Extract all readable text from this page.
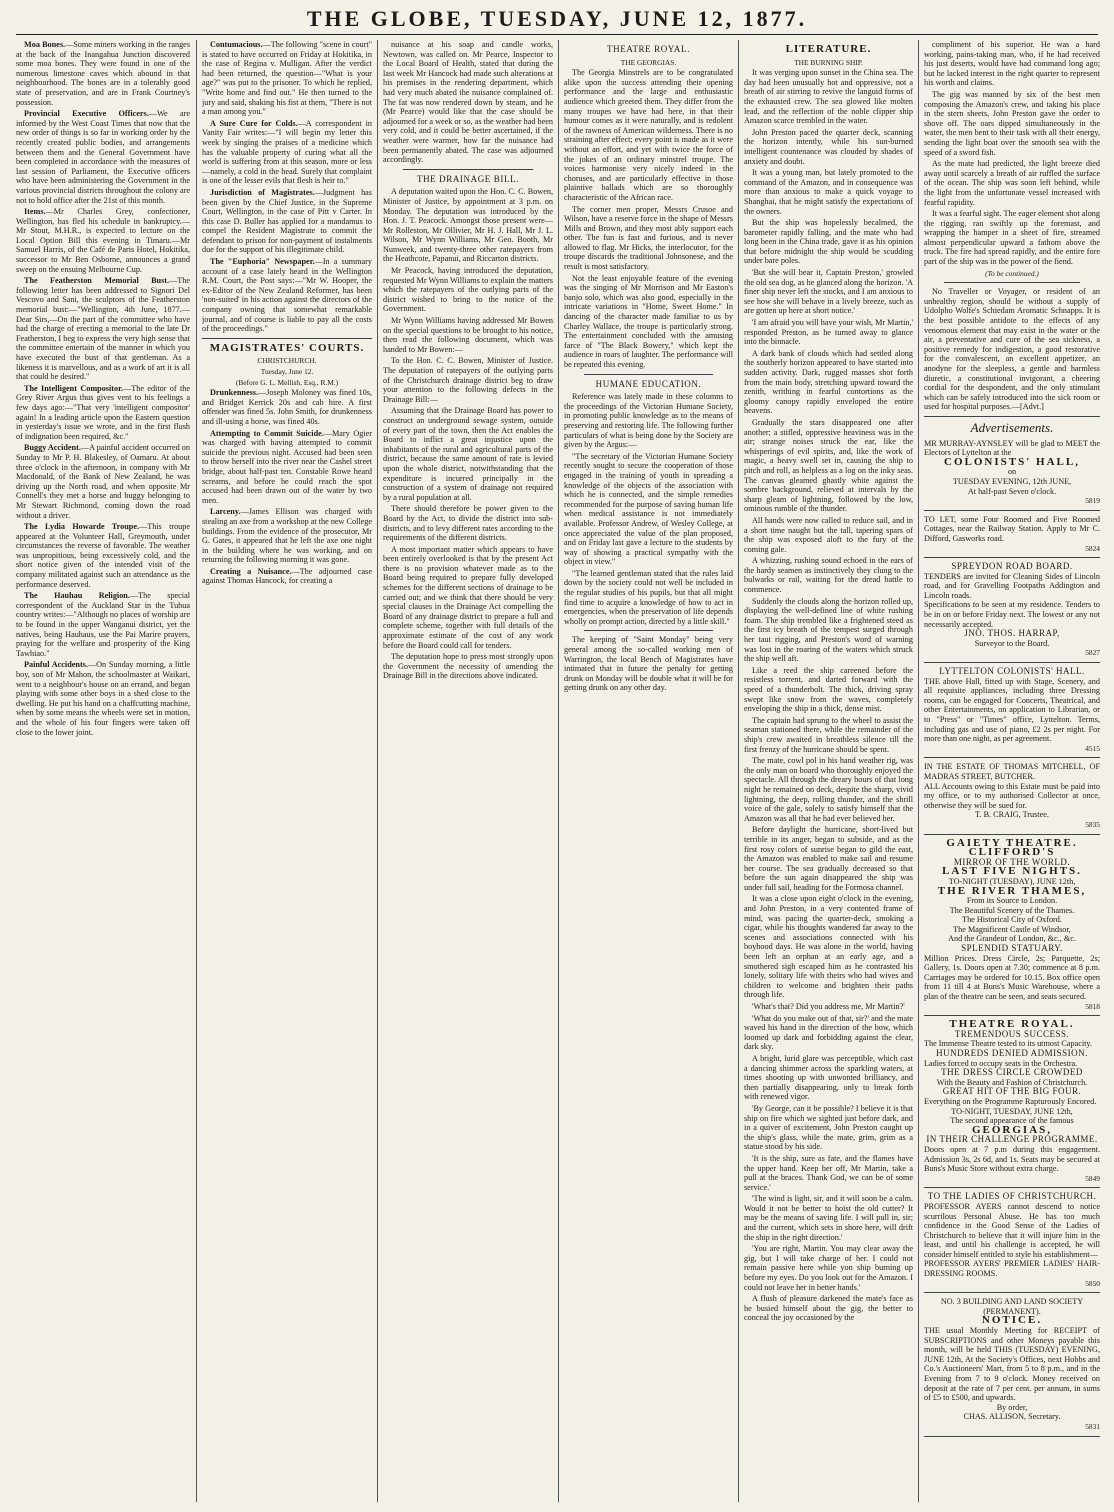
THE GLOBE, TUESDAY, JUNE 12, 1877.

Moa Bones.—Some miners working in the ranges at the back of the Inangahua Junction discovered some moa bones. They were found in one of the numerous limestone caves which abound in that neighbourhood. The bones are in a tolerably good state of preservation, and are in Frank Courtney's possession.

Provincial Executive Officers.—We are informed by the West Coast Times that now that the new order of things is so far in working order by the recently created public bodies, and arrangements between them and the General Government have been completed in accordance with the measures of last session of Parliament, the Executive officers who have been administering the Government in the various provincial districts throughout the colony are not to hold office after the 21st of this month.

Items.—Mr Charles Grey, confectioner, Wellington, has fled his schedule in bankruptcy.—Mr Stout, M.H.R., is expected to lecture on the Local Option Bill this evening in Timaru.—Mr Samuel Harris, of the Café de Paris Hotel, Hokitika, successor to Mr Ben Osborne, announces a grand sweep on the ensuing Melbourne Cup.

The Featherston Memorial Bust.—The following letter has been addressed to Signori Del Vescovo and Sani, the sculptors of the Featherston memorial bust:—"Wellington, 4th June, 1877.—Dear Sirs,—On the part of the committee who have had the charge of erecting a memorial to the late Dr Featherston, I beg to express the very high sense that the committee entertain of the manner in which you have executed the bust of that gentleman. As a likeness it is marvellous, and as a work of art it is all that could be desired."

The Intelligent Compositor.—The editor of the Grey River Argus thus gives vent to his feelings a few days ago:—"That very 'intelligent compositor' again! In a leading article upon the Eastern question in yesterday's issue we wrote, and in the first flush of indignation been required, &c."

Buggy Accident.—A painful accident occurred on Sunday to Mr P. H. Blakesley, of Oamaru. At about three o'clock in the afternoon, in company with Mr Macdonald, of the Bank of New Zealand, he was driving up the North road, and when opposite Mr Connell's they met a horse and buggy belonging to Mr Stewart Richmond, coming down the road without a driver.

The Lydia Howarde Troupe.—This troupe appeared at the Volunteer Hall, Greymouth, under circumstances the reverse of favorable. The weather was unpropitious, being excessively cold, and the short notice given of the intended visit of the company militated against such an attendance as the performance deserved.

The Hauhau Religion.—The special correspondent of the Auckland Star in the Tuhua country writes:—"Although no places of worship are to be found in the upper Wanganui district, yet the natives, being Hauhaus, use the Pai Marire prayers, praying for the welfare and prosperity of the King Tawhiao."

Painful Accidents.—On Sunday morning, a little boy, son of Mr Mahon, the schoolmaster at Waikari, went to a neighbour's house on an errand, and began playing with some other boys in a shed close to the dwelling. He put his hand on a chaffcutting machine, when by some means the wheels were set in motion, and the whole of his four fingers were taken off close to the lower joint.

Contumacious.—The following "scene in court" is stated to have occurred on Friday at Hokitika, in the case of Regina v. Mulligan. After the verdict had been returned, the question—"What is your age?" was put to the prisoner. To which he replied, "Write home and find out." He then turned to the jury and said, shaking his fist at them, "There is not a man among you."

A Sure Cure for Colds.—A correspondent in Vanity Fair writes:—"I will begin my letter this week by singing the praises of a medicine which has the valuable property of curing what all the world is suffering from at this season, more or less—namely, a cold in the head. Surely that complaint is one of the lesser evils that flesh is heir to."

Jurisdiction of Magistrates.—Judgment has been given by the Chief Justice, in the Supreme Court, Wellington, in the case of Pitt v Carter. In this case D. Buller has applied for a mandamus to compel the Resident Magistrate to commit the defendant to prison for non-payment of instalments due for the support of his illegitimate child.

The "Euphoria" Newspaper.—In a summary account of a case lately heard in the Wellington R.M. Court, the Post says:—"Mr W. Hooper, the ex-Editor of the New Zealand Reformer, has been 'non-suited' in his action against the directors of the company owning that somewhat remarkable journal, and of course is liable to pay all the costs of the proceedings."

MAGISTRATES' COURTS.
CHRISTCHURCH.
Tuesday, June 12.
(Before G. L. Mellish, Esq., R.M.)

Drunkenness.—Joseph Moloney was fined 10s, and Bridget Kerrick 20s and cab hire. A first offender was fined 5s. John Smith, for drunkenness and ill-using a horse, was fined 40s.

Attempting to Commit Suicide.—Mary Ogier was charged with having attempted to commit suicide the previous night. Accused had been seen to throw herself into the river near the Cashel street bridge, about half-past ten. Constable Rowe heard screams, and before he could reach the spot accused had been drawn out of the water by two men.

Larceny.—James Ellison was charged with stealing an axe from a workshop at the new College buildings. From the evidence of the prosecutor, Mr G. Gates, it appeared that he left the axe one night in the building where he was working, and on returning the following morning it was gone.

Creating a Nuisance.—The adjourned case against Thomas Hancock, for creating a

nuisance at his soap and candle works, Newtown, was called on. Mr Pearce, Inspector to the Local Board of Health, stated that during the last week Mr Hancock had made such alterations at his premises in the rendering department, which had very much abated the nuisance complained of. The fat was now rendered down by steam, and he (Mr Pearce) would like that the case should be adjourned for a week or so, as the weather had been very cold, and it could be better ascertained, if the weather were warmer, how far the nuisance had been permanently abated. The case was adjourned accordingly.

THE DRAINAGE BILL.

A deputation waited upon the Hon. C. C. Bowen, Minister of Justice, by appointment at 3 p.m. on Monday. The deputation was introduced by the Hon. J. T. Peacock. Amongst those present were—Mr Rolleston, Mr Ollivier, Mr H. J. Hall, Mr J. L. Wilson, Mr Wynn Williams, Mr Geo. Booth, Mr Nunweek, and twenty-three other ratepayers from the Heathcote, Papanui, and Riccarton districts.

Mr Peacock, having introduced the deputation, requested Mr Wynn Williams to explain the matters which the ratepayers of the outlying parts of the district wished to bring to the notice of the Government.

Mr Wynn Williams having addressed Mr Bowen on the special questions to be brought to his notice, then read the following document, which was handed to Mr Bowen:—

To the Hon. C. C. Bowen, Minister of Justice. The deputation of ratepayers of the outlying parts of the Christchurch drainage district beg to draw your attention to the following defects in the Drainage Bill:—

Assuming that the Drainage Board has power to construct an underground sewage system, outside of every part of the town, then the Act enables the Board to inflict a great injustice upon the inhabitants of the rural and agricultural parts of the district, because the same amount of rate is levied upon the whole district, notwithstanding that the expenditure is incurred principally in the construction of a system of drainage not required by a rural population at all.

There should therefore be power given to the Board by the Act, to divide the district into sub-districts, and to levy different rates according to the requirements of the different districts.

A most important matter which appears to have been entirely overlooked is that by the present Act there is no provision whatever made as to the Board being required to prepare fully developed schemes for the different sections of drainage to be carried out; and we think that there should be very special clauses in the Drainage Act compelling the Board of any drainage district to prepare a full and complete scheme, together with full details of the approximate estimate of the cost of any work before the Board could call for tenders.

The deputation hope to press most strongly upon the Government the necessity of amending the Drainage Bill in the directions above indicated.

THEATRE ROYAL.
THE GEORGIAS.

The Georgia Minstrels are to be congratulated alike upon the success attending their opening performance and the large and enthusiastic audience which greeted them. They differ from the many troupes we have had here, in that their humour comes as it were naturally, and is redolent of the rawness of American wilderness. There is no straining after effect; every point is made as it were without an effort, and yet with twice the force of the jokes of an ordinary minstrel troupe. The voices harmonise very nicely indeed in the choruses, and are particularly effective in those plaintive ballads which are so thoroughly characteristic of the African race.

The corner men proper, Messrs Crusoe and Wilson, have a reserve force in the shape of Messrs Mills and Brown, and they most ably support each other. The fun is fast and furious, and is never allowed to flag. Mr Hicks, the interlocutor, for the troupe discards the traditional Johnsonese, and the result is most satisfactory.

Not the least enjoyable feature of the evening was the singing of Mr Morrison and Mr Easton's banjo solo, which was also good, especially in the intricate variations in "Home, Sweet Home." In dancing of the character made familiar to us by Charley Wallace, the troupe is particularly strong. The entertainment concluded with the amusing farce of "The Black Bowery," which kept the audience in roars of laughter. The performance will be repeated this evening.

HUMANE EDUCATION.

Reference was lately made in these columns to the proceedings of the Victorian Humane Society, in promoting public knowledge as to the means of preserving and restoring life. The following further particulars of what is being done by the Society are given by the Argus:—

"The secretary of the Victorian Humane Society recently sought to secure the cooperation of those engaged in the training of youth in spreading a knowledge of the objects of the association with which he is connected, and the simple remedies recommended for the purpose of saving human life when medical assistance is not immediately available. Professor Andrew, of Wesley College, at once appreciated the value of the plan proposed, and on Friday last gave a lecture to the students by way of showing a practical sympathy with the object in view."

"The learned gentleman stated that the rules laid down by the society could not well be included in the regular studies of his pupils, but that all might find time to acquire a knowledge of how to act in emergencies, when the preservation of life depends wholly on prompt action, directed by a little skill."

The keeping of "Saint Monday" being very general among the so-called working men of Warrington, the local Bench of Magistrates have intimated that in future the penalty for getting drunk on Monday will be double what it will be for getting drunk on any other day.

LITERATURE.
THE BURNING SHIP.

It was verging upon sunset in the China sea. The day had been unusually hot and oppressive, not a breath of air stirring to revive the languid forms of the exhausted crew. The sea glowed like molten lead, and the reflection of the noble clipper ship Amazon scarce trembled in the water.

John Preston paced the quarter deck, scanning the horizon intently, while his sun-burned intelligent countenance was clouded by shades of anxiety and doubt.

It was a young man, but lately promoted to the command of the Amazon, and in consequence was more than anxious to make a quick voyage to Shanghai, that he might satisfy the expectations of the owners.

But the ship was hopelessly becalmed, the barometer rapidly falling, and the mate who had long been in the China trade, gave it as his opinion that before midnight the ship would be scudding under bare poles.

'But she will bear it, Captain Preston,' growled the old sea dog, as he glanced along the horizon. 'A finer ship never left the stocks, and I am anxious to see how she will behave in a lively breeze, such as are gotten up here at short notice.'

'I am afraid you will have your wish, Mr Martin,' responded Preston, as he turned away to glance into the binnacle.

A dark bank of clouds which had settled along the southerly horizon appeared to have started into sudden activity. Dark, rugged masses shot forth from the main body, stretching upward toward the zenith, writhing in fearful contortions as the gloomy canopy rapidly enveloped the entire heavens.

Gradually the stars disappeared one after another; a stifled, oppressive heaviness was in the air; strange noises struck the ear, like the whisperings of evil spirits, and, like the work of magic, a heavy swell set in, causing the ship to pitch and roll, as helpless as a log on the inky seas. The canvas gleamed ghastly white against the sombre background, relieved at intervals by the sharp gleam of lightning, followed by the low, ominous rumble of the thunder.

All hands were now called to reduce sail, and in a short time naught but the tall, tapering spars of the ship was exposed aloft to the fury of the coming gale.

A whizzing, rushing sound echoed in the ears of the hardy seamen as instinctively they clung to the bulwarks or rail, waiting for the dread battle to commence.

Suddenly the clouds along the horizon rolled up, displaying the well-defined line of white rushing foam. The ship trembled like a frightened steed as the first icy breath of the tempest surged through her taut rigging, and Preston's word of warning was lost in the roaring of the waters which struck the ship well aft.

Like a reed the ship careened before the resistless torrent, and darted forward with the speed of a thunderbolt. The thick, driving spray swept like snow from the waves, completely enveloping the ship in a thick, dense mist.

The captain had sprung to the wheel to assist the seaman stationed there, while the remainder of the ship's crew awaited in breathless silence till the first frenzy of the hurricane should be spent.

The mate, cowl pol in his hand weather rig, was the only man on board who thoroughly enjoyed the spectacle. All through the dreary hours of that long night he remained on deck, despite the sharp, vivid lightning, the deep, rolling thunder, and the shrill voice of the gale, solely to satisfy himself that the Amazon was all that he had ever believed her.

Before daylight the hurricane, short-lived but terrible in its anger, began to subside, and as the first rosy colors of sunrise began to gild the east, the Amazon was enabled to make sail and resume her course. The sea gradually decreased so that before the sun again disappeared the ship was under full sail, heading for the Formosa channel.

It was a close upon eight o'clock in the evening, and John Preston, in a very contented frame of mind, was pacing the quarter-deck, smoking a cigar, while his thoughts wandered far away to the scenes and associations connected with his boyhood days. He was alone in the world, having been left an orphan at an early age, and a smothered sigh escaped him as he contrasted his lonely, solitary life with theirs who had wives and children to welcome and brighten their paths through life.

'What's that? Did you address me, Mr Martin?'

'What do you make out of that, sir?' and the mate waved his hand in the direction of the bow, which loomed up dark and forbidding against the clear, dark sky.

A bright, lurid glare was perceptible, which cast a dancing shimmer across the sparkling waters, at times shooting up with unwonted brilliancy, and then partially disappearing, only to break forth with renewed vigor.

'By George, can it be possible? I believe it is that ship on fire which we sighted just before dark, and in a quiver of excitement, John Preston caught up the ship's glass, while the mate, grim, grim as a statue stood by his side.

'It is the ship, sure as fate, and the flames have the upper hand. Keep her off, Mr Martin, take a pull at the braces. Thank God, we can be of some service.'

'The wind is light, sir, and it will soon be a calm. Would it not be better to hoist the old cutter? It may be the means of saving life. I will pull in, sir; and the current, which sets in shore here, will drift the ship in the right direction.'

'You are right, Martin. You may clear away the gig, but I will take charge of her. I could not remain passive here while yon ship burning up before my eyes. Do you look out for the Amazon. I could not leave her in better hands.'

A flush of pleasure darkened the mate's face as he busied himself about the gig, the better to conceal the joy occasioned by the

compliment of his superior. He was a hard working, pains-taking man, who, if he had received his just deserts, would have had command long ago; but he lacked interest in the right quarter to represent his worth and claims.

The gig was manned by six of the best men composing the Amazon's crew, and taking his place in the stern sheets, John Preston gave the order to shove off. The oars dipped simultaneously in the water, the men bent to their task with all their energy, sending the light boat over the smooth sea with the speed of a sword fish.

As the mate had predicted, the light breeze died away until scarcely a breath of air ruffled the surface of the ocean. The ship was soon left behind, while the light from the unfortunate vessel increased with fearful rapidity.

It was a fearful sight. The eager element shot along the rigging, ran swiftly up the foremast, and wrapping the hamper in a sheet of fire, streamed almost perpendicular upward a fathom above the truck. The fire had spread rapidly, and the entire fore part of the ship was in the power of the fiend.

(To be continued.)

No Traveller or Voyager, or resident of an unhealthy region, should be without a supply of Udolpho Wolfe's Schiedam Aromatic Schnapps. It is the best possible antidote to the effects of any venomous element that may exist in the water or the air, a preventative and cure of the sea sickness, a positive remedy for indigestion, a good restorative for the convalescent, an excellent appetizer, an anodyne for the sleepless, a gentle and harmless diuretic, a constitutional invigorant, a cheering cordial for the despondent, and the only stimulant which can be safely introduced into the sick room or used for hospital purposes.—[Advt.]

Advertisements.
MR MURRAY-AYNSLEY will be glad to MEET the Electors of Lyttelton at the
COLONISTS' HALL,
on
TUESDAY EVENING, 12th JUNE,
At half-past Seven o'clock.
5819
TO LET, some Four Roomed and Five Roomed Cottages, near the Railway Station. Apply to Mr C. Difford, Gasworks road.
5824
SPREYDON ROAD BOARD.
TENDERS are invited for Cleaning Sides of Lincoln road, and for Gravelling Footpaths Addington and Lincoln roads.
Specifications to be seen at my residence. Tenders to be in on or before Friday next. The lowest or any not necessarily accepted.
JNO. THOS. HARRAP,
Surveyor to the Board.
5827
LYTTELTON COLONISTS' HALL.
THE above Hall, fitted up with Stage, Scenery, and all requisite appliances, including three Dressing rooms, can be engaged for Concerts, Theatrical, and other Entertainments, on application to Librarian, or to "Press" or "Times" office, Lyttelton. Terms, including gas and use of piano, £2 2s per night. For more than one night, as per agreement.
4515
IN THE ESTATE OF THOMAS MITCHELL, OF MADRAS STREET, BUTCHER.
ALL Accounts owing to this Estate must be paid into my office, or to my authorised Collector at once, otherwise they will be sued for.
T. B. CRAIG, Trustee.
5835
GAIETY THEATRE.
CLIFFORD'S
MIRROR OF THE WORLD.
LAST FIVE NIGHTS.
TO-NIGHT (TUESDAY), JUNE 12th,
THE RIVER THAMES,
From its Source to London.
The Beautiful Scenery of the Thames.
The Historical City of Oxford.
The Magnificent Castle of Windsor,
And the Grandeur of London, &c., &c.
SPLENDID STATUARY.
Million Prices. Dress Circle, 2s; Parquette, 2s; Gallery, 1s. Doors open at 7.30; commence at 8 p.m. Carriages may be ordered for 10.15. Box office open from 11 till 4 at Buns's Music Warehouse, where a plan of the theatre can be seen, and seats secured.
5818
THEATRE ROYAL.
TREMENDOUS SUCCESS.
The Immense Theatre tested to its utmost Capacity.
HUNDREDS DENIED ADMISSION.
Ladies forced to occupy seats in the Orchestra.
THE DRESS CIRCLE CROWDED
With the Beauty and Fashion of Christchurch.
GREAT HIT OF THE BIG FOUR.
Everything on the Programme Rapturously Encored.
TO-NIGHT, TUESDAY, JUNE 12th,
The second appearance of the famous
GEORGIAS,
IN THEIR CHALLENGE PROGRAMME.
Doors open at 7 p.m during this engagement. Admission 3s, 2s 6d, and 1s. Seats may be secured at Buns's Music Store without extra charge.
5849
TO THE LADIES OF CHRISTCHURCH.
PROFESSOR AYERS cannot descend to notice scurrilous Personal Abuse. He has too much confidence in the Good Sense of the Ladies of Christchurch to believe that it will injure him in the least, and until his challenge is accepted, he will consider himself entitled to style his establishment—
PROFESSOR AYERS' PREMIER LADIES' HAIR-DRESSING ROOMS.
5850
NO. 3 BUILDING AND LAND SOCIETY (PERMANENT).
NOTICE.
THE usual Monthly Meeting for RECEIPT of SUBSCRIPTIONS and other Moneys payable this month, will be held THIS (TUESDAY) EVENING, JUNE 12th, At the Society's Offices, next Hobbs and Co.'s Auctioneers' Mart, from 5 to 8 p.m., and in the Evening from 7 to 9 o'clock. Money received on deposit at the rate of 7 per cent. per annum, in sums of £5 to £500, and upwards.
By order,
CHAS. ALLISON, Secretary.
5831
